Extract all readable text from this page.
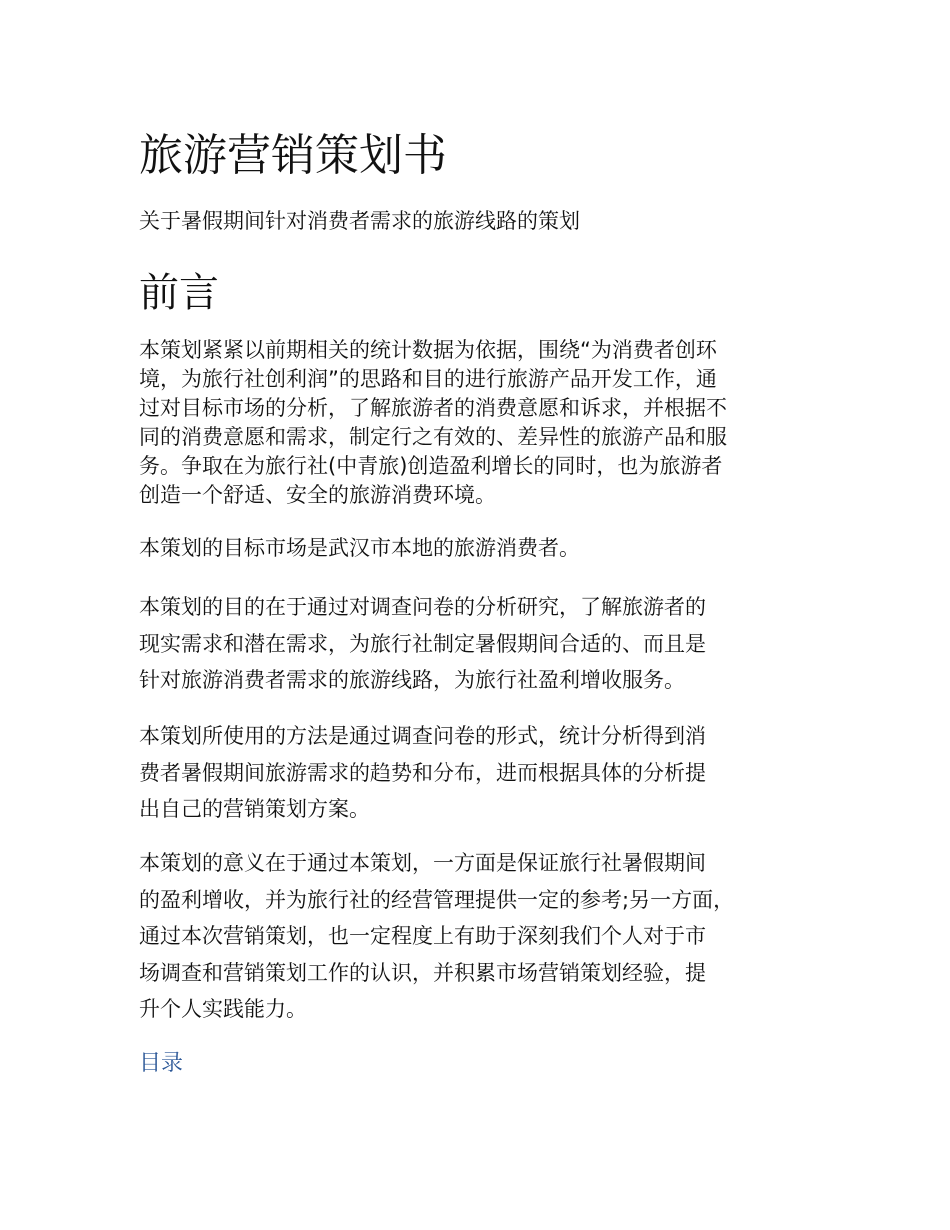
旅游营销策划书

关于暑假期间针对消费者需求的旅游线路的策划

前言

本策划紧紧以前期相关的统计数据为依据，围绕“为消费者创环
境，为旅行社创利润”的思路和目的进行旅游产品开发工作，通
过对目标市场的分析，了解旅游者的消费意愿和诉求，并根据不
同的消费意愿和需求，制定行之有效的、差异性的旅游产品和服
务。争取在为旅行社(中青旅)创造盈利增长的同时，也为旅游者
创造一个舒适、安全的旅游消费环境。

本策划的目标市场是武汉市本地的旅游消费者。

本策划的目的在于通过对调查问卷的分析研究，了解旅游者的
现实需求和潜在需求，为旅行社制定暑假期间合适的、而且是
针对旅游消费者需求的旅游线路，为旅行社盈利增收服务。

本策划所使用的方法是通过调查问卷的形式，统计分析得到消
费者暑假期间旅游需求的趋势和分布，进而根据具体的分析提
出自己的营销策划方案。

本策划的意义在于通过本策划，一方面是保证旅行社暑假期间
的盈利增收，并为旅行社的经营管理提供一定的参考;另一方面，
通过本次营销策划，也一定程度上有助于深刻我们个人对于市
场调查和营销策划工作的认识，并积累市场营销策划经验，提
升个人实践能力。

目录
